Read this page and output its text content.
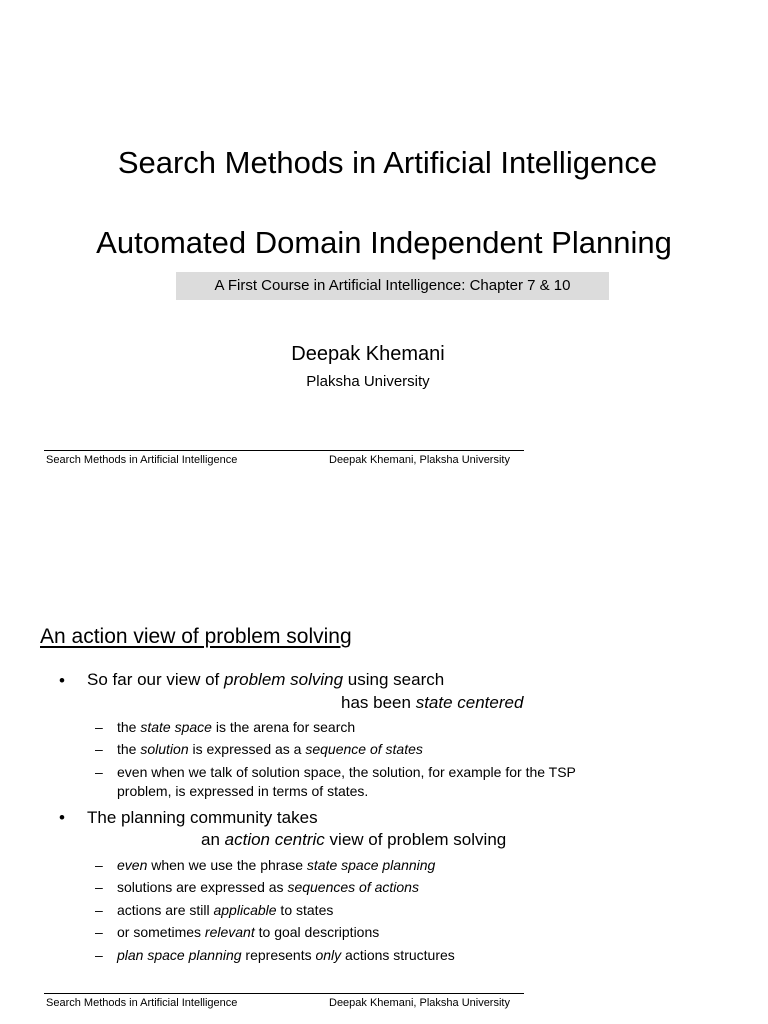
Search Methods in Artificial Intelligence
Automated Domain Independent Planning
A First Course in Artificial Intelligence: Chapter 7 & 10
Deepak Khemani
Plaksha University
Search Methods in Artificial Intelligence	Deepak Khemani, Plaksha University
An action view of problem solving
• So far our view of problem solving using search
has been state centered
– the state space is the arena for search
– the solution is expressed as a sequence of states
– even when we talk of solution space, the solution, for example for the TSP
problem, is expressed in terms of states.
• The planning community takes
an action centric view of problem solving
– even when we use the phrase state space planning
– solutions are expressed as sequences of actions
– actions are still applicable to states
– or sometimes relevant to goal descriptions
– plan space planning represents only actions structures
Search Methods in Artificial Intelligence	Deepak Khemani, Plaksha University
